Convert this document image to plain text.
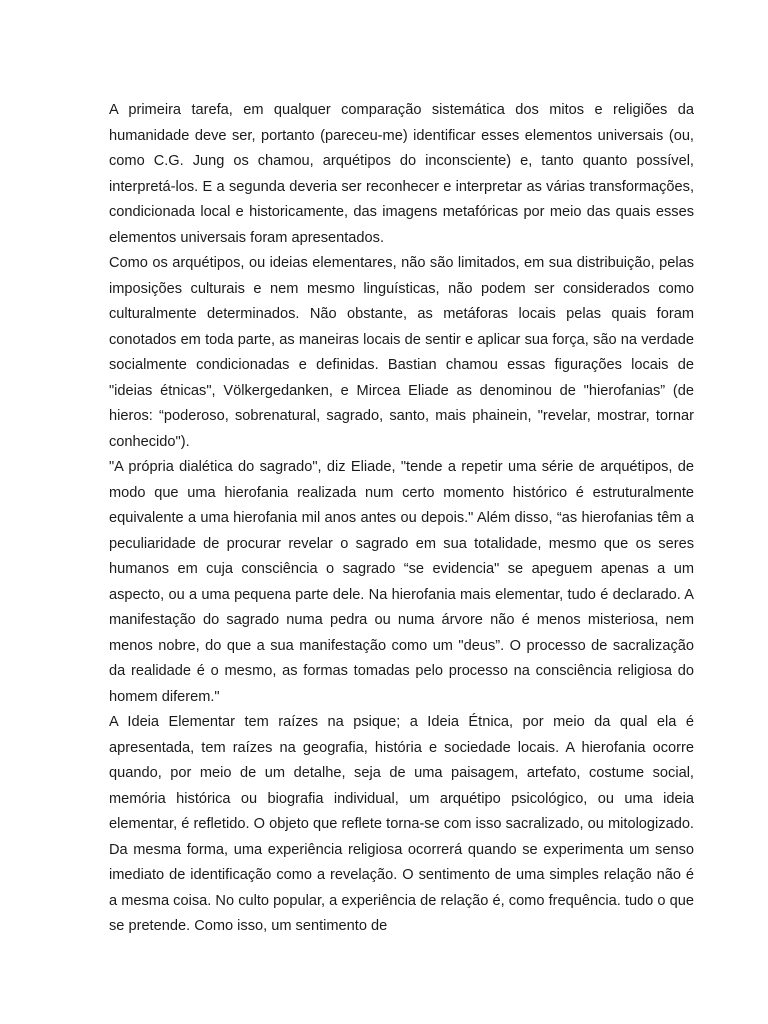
A primeira tarefa, em qualquer comparação sistemática dos mitos e religiões da humanidade deve ser, portanto (pareceu-me) identificar esses elementos universais (ou, como C.G. Jung os chamou, arquétipos do inconsciente) e, tanto quanto possível, interpretá-los. E a segunda deveria ser reconhecer e interpretar as várias transformações, condicionada local e historicamente, das imagens metafóricas por meio das quais esses elementos universais foram apresentados.

Como os arquétipos, ou ideias elementares, não são limitados, em sua distribuição, pelas imposições culturais e nem mesmo linguísticas, não podem ser considerados como culturalmente determinados. Não obstante, as metáforas locais pelas quais foram conotados em toda parte, as maneiras locais de sentir e aplicar sua força, são na verdade socialmente condicionadas e definidas. Bastian chamou essas figurações locais de "ideias étnicas", Völkergedanken, e Mircea Eliade as denominou de "hierofanias” (de hieros: “poderoso, sobrenatural, sagrado, santo, mais phainein, "revelar, mostrar, tornar conhecido").

"A própria dialética do sagrado", diz Eliade, "tende a repetir uma série de arquétipos, de modo que uma hierofania realizada num certo momento histórico é estruturalmente equivalente a uma hierofania mil anos antes ou depois." Além disso, “as hierofanias têm a peculiaridade de procurar revelar o sagrado em sua totalidade, mesmo que os seres humanos em cuja consciência o sagrado “se evidencia" se apeguem apenas a um aspecto, ou a uma pequena parte dele. Na hierofania mais elementar, tudo é declarado. A manifestação do sagrado numa pedra ou numa árvore não é menos misteriosa, nem menos nobre, do que a sua manifestação como um "deus”. O processo de sacralização da realidade é o mesmo, as formas tomadas pelo processo na consciência religiosa do homem diferem."

A Ideia Elementar tem raízes na psique; a Ideia Étnica, por meio da qual ela é apresentada, tem raízes na geografia, história e sociedade locais. A hierofania ocorre quando, por meio de um detalhe, seja de uma paisagem, artefato, costume social, memória histórica ou biografia individual, um arquétipo psicológico, ou uma ideia elementar, é refletido. O objeto que reflete torna-se com isso sacralizado, ou mitologizado. Da mesma forma, uma experiência religiosa ocorrerá quando se experimenta um senso imediato de identificação como a revelação. O sentimento de uma simples relação não é a mesma coisa. No culto popular, a experiência de relação é, como frequência. tudo o que se pretende. Como isso, um sentimento de
